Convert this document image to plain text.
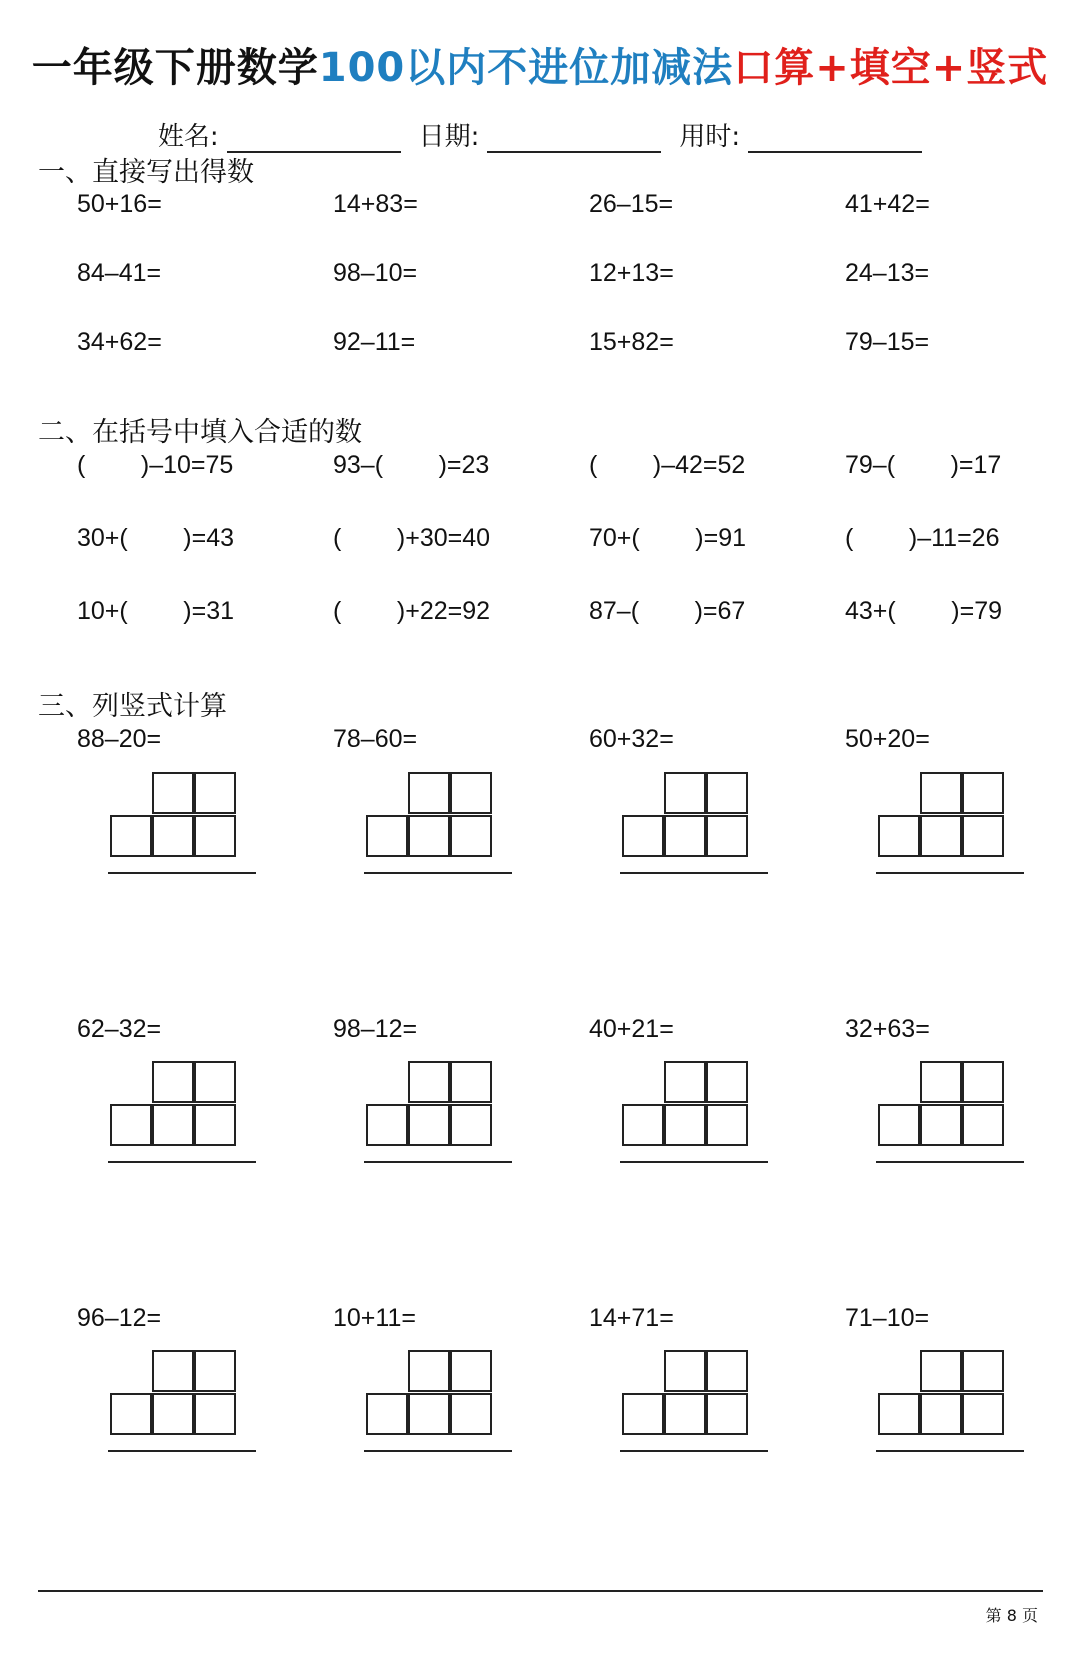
一年级下册数学100以内不进位加减法口算+填空+竖式
姓名:	日期:	用时:
一、直接写出得数
50+16=	14+83=	26–15=	41+42=
84–41=	98–10=	12+13=	24–13=
34+62=	92–11=	15+82=	79–15=
二、在括号中填入合适的数
(        )–10=75	93–(        )=23	(        )–42=52	79–(        )=17
30+(        )=43	(        )+30=40	70+(        )=91	(        )–11=26
10+(        )=31	(        )+22=92	87–(        )=67	43+(        )=79
三、列竖式计算
88–20=	78–60=	60+32=	50+20=
62–32=	98–12=	40+21=	32+63=
96–12=	10+11=	14+71=	71–10=
第 8 页
